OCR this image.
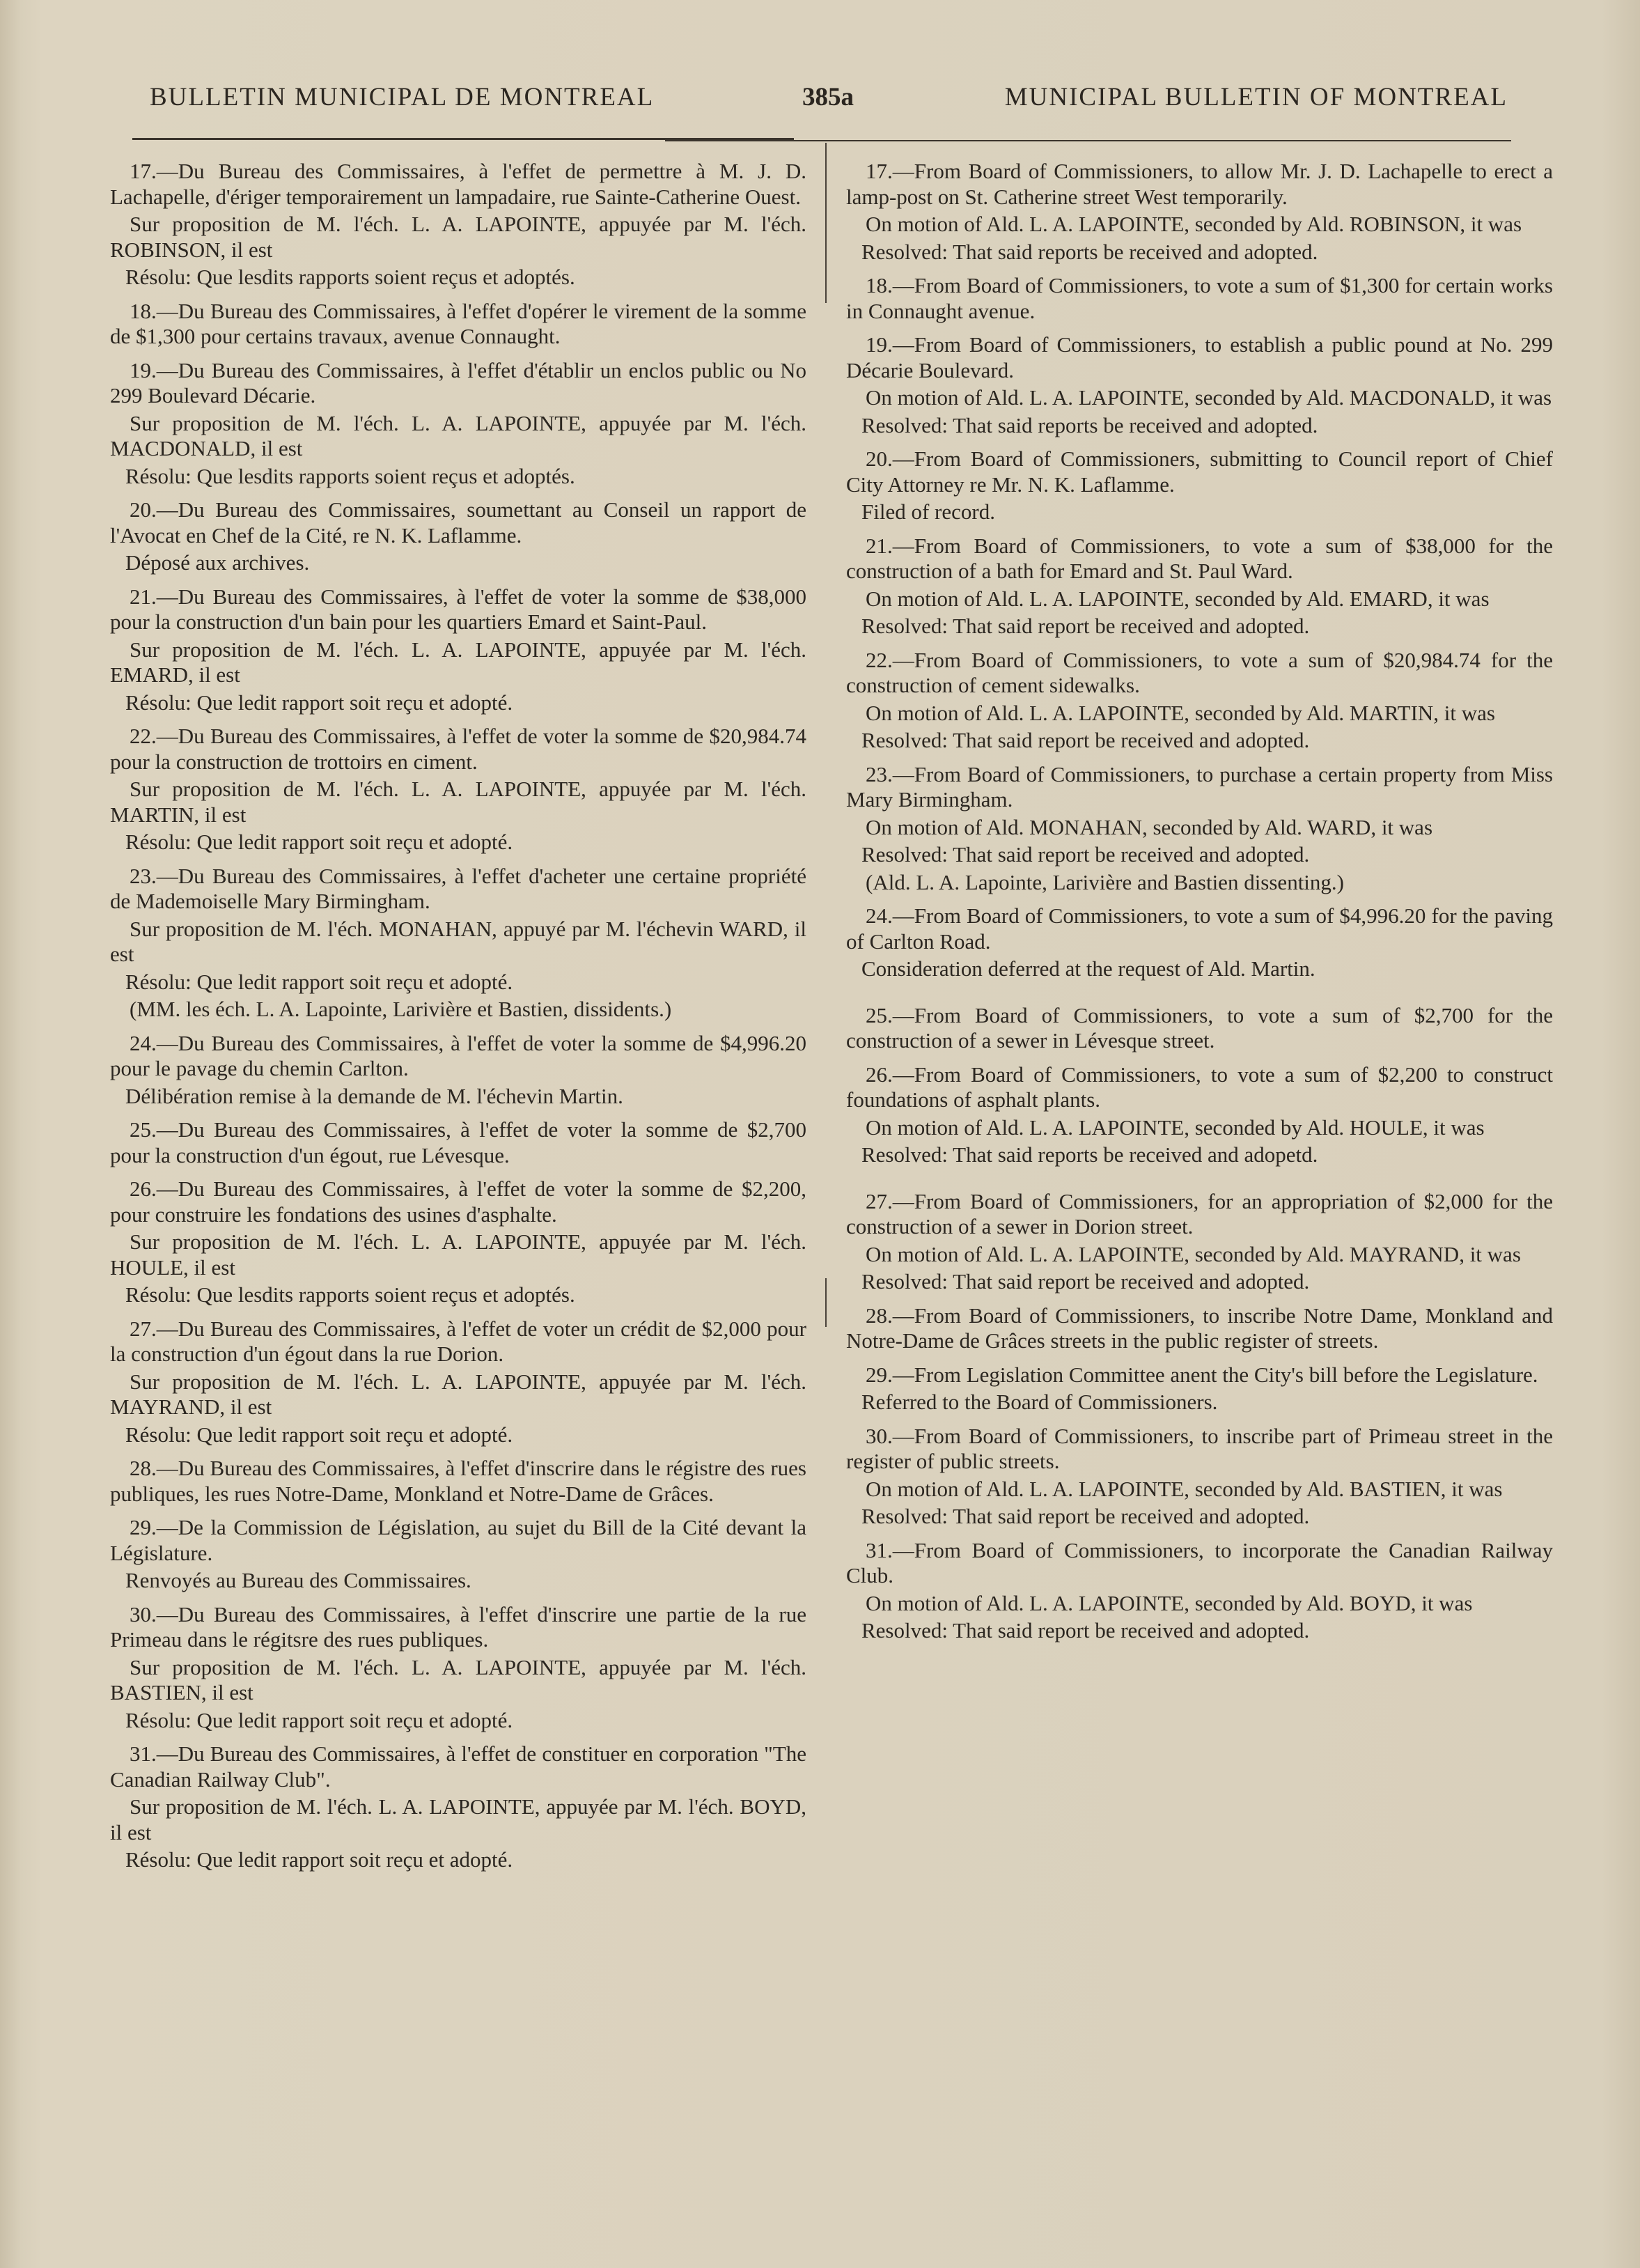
BULLETIN MUNICIPAL DE MONTREAL	385a	MUNICIPAL BULLETIN OF MONTREAL

17.—Du Bureau des Commissaires, à l'effet de permettre à M. J. D. Lachapelle, d'ériger temporairement un lampadaire, rue Sainte-Catherine Ouest.

Sur proposition de M. l'éch. L. A. LAPOINTE, appuyée par M. l'éch. ROBINSON, il est

Résolu: Que lesdits rapports soient reçus et adoptés.

18.—Du Bureau des Commissaires, à l'effet d'opérer le virement de la somme de $1,300 pour certains travaux, avenue Connaught.

19.—Du Bureau des Commissaires, à l'effet d'établir un enclos public ou No 299 Boulevard Décarie.

Sur proposition de M. l'éch. L. A. LAPOINTE, appuyée par M. l'éch. MACDONALD, il est

Résolu: Que lesdits rapports soient reçus et adoptés.

20.—Du Bureau des Commissaires, soumettant au Conseil un rapport de l'Avocat en Chef de la Cité, re N. K. Laflamme.

Déposé aux archives.

21.—Du Bureau des Commissaires, à l'effet de voter la somme de $38,000 pour la construction d'un bain pour les quartiers Emard et Saint-Paul.

Sur proposition de M. l'éch. L. A. LAPOINTE, appuyée par M. l'éch. EMARD, il est

Résolu: Que ledit rapport soit reçu et adopté.

22.—Du Bureau des Commissaires, à l'effet de voter la somme de $20,984.74 pour la construction de trottoirs en ciment.

Sur proposition de M. l'éch. L. A. LAPOINTE, appuyée par M. l'éch. MARTIN, il est

Résolu: Que ledit rapport soit reçu et adopté.

23.—Du Bureau des Commissaires, à l'effet d'acheter une certaine propriété de Mademoiselle Mary Birmingham.

Sur proposition de M. l'éch. MONAHAN, appuyé par M. l'échevin WARD, il est

Résolu: Que ledit rapport soit reçu et adopté.

(MM. les éch. L. A. Lapointe, Larivière et Bastien, dissidents.)

24.—Du Bureau des Commissaires, à l'effet de voter la somme de $4,996.20 pour le pavage du chemin Carlton.

Délibération remise à la demande de M. l'échevin Martin.

25.—Du Bureau des Commissaires, à l'effet de voter la somme de $2,700 pour la construction d'un égout, rue Lévesque.

26.—Du Bureau des Commissaires, à l'effet de voter la somme de $2,200, pour construire les fondations des usines d'asphalte.

Sur proposition de M. l'éch. L. A. LAPOINTE, appuyée par M. l'éch. HOULE, il est

Résolu: Que lesdits rapports soient reçus et adoptés.

27.—Du Bureau des Commissaires, à l'effet de voter un crédit de $2,000 pour la construction d'un égout dans la rue Dorion.

Sur proposition de M. l'éch. L. A. LAPOINTE, appuyée par M. l'éch. MAYRAND, il est

Résolu: Que ledit rapport soit reçu et adopté.

28.—Du Bureau des Commissaires, à l'effet d'inscrire dans le régistre des rues publiques, les rues Notre-Dame, Monkland et Notre-Dame de Grâces.

29.—De la Commission de Législation, au sujet du Bill de la Cité devant la Législature.

Renvoyés au Bureau des Commissaires.

30.—Du Bureau des Commissaires, à l'effet d'inscrire une partie de la rue Primeau dans le régitsre des rues publiques.

Sur proposition de M. l'éch. L. A. LAPOINTE, appuyée par M. l'éch. BASTIEN, il est

Résolu: Que ledit rapport soit reçu et adopté.

31.—Du Bureau des Commissaires, à l'effet de constituer en corporation "The Canadian Railway Club".

Sur proposition de M. l'éch. L. A. LAPOINTE, appuyée par M. l'éch. BOYD, il est

Résolu: Que ledit rapport soit reçu et adopté.

17.—From Board of Commissioners, to allow Mr. J. D. Lachapelle to erect a lamp-post on St. Catherine street West temporarily.

On motion of Ald. L. A. LAPOINTE, seconded by Ald. ROBINSON, it was

Resolved: That said reports be received and adopted.

18.—From Board of Commissioners, to vote a sum of $1,300 for certain works in Connaught avenue.

19.—From Board of Commissioners, to establish a public pound at No. 299 Décarie Boulevard.

On motion of Ald. L. A. LAPOINTE, seconded by Ald. MACDONALD, it was

Resolved: That said reports be received and adopted.

20.—From Board of Commissioners, submitting to Council report of Chief City Attorney re Mr. N. K. Laflamme.

Filed of record.

21.—From Board of Commissioners, to vote a sum of $38,000 for the construction of a bath for Emard and St. Paul Ward.

On motion of Ald. L. A. LAPOINTE, seconded by Ald. EMARD, it was

Resolved: That said report be received and adopted.

22.—From Board of Commissioners, to vote a sum of $20,984.74 for the construction of cement sidewalks.

On motion of Ald. L. A. LAPOINTE, seconded by Ald. MARTIN, it was

Resolved: That said report be received and adopted.

23.—From Board of Commissioners, to purchase a certain property from Miss Mary Birmingham.

On motion of Ald. MONAHAN, seconded by Ald. WARD, it was

Resolved: That said report be received and adopted.

(Ald. L. A. Lapointe, Larivière and Bastien dissenting.)

24.—From Board of Commissioners, to vote a sum of $4,996.20 for the paving of Carlton Road.

Consideration deferred at the request of Ald. Martin.

25.—From Board of Commissioners, to vote a sum of $2,700 for the construction of a sewer in Lévesque street.

26.—From Board of Commissioners, to vote a sum of $2,200 to construct foundations of asphalt plants.

On motion of Ald. L. A. LAPOINTE, seconded by Ald. HOULE, it was

Resolved: That said reports be received and adopetd.

27.—From Board of Commissioners, for an appropriation of $2,000 for the construction of a sewer in Dorion street.

On motion of Ald. L. A. LAPOINTE, seconded by Ald. MAYRAND, it was

Resolved: That said report be received and adopted.

28.—From Board of Commissioners, to inscribe Notre Dame, Monkland and Notre-Dame de Grâces streets in the public register of streets.

29.—From Legislation Committee anent the City's bill before the Legislature.

Referred to the Board of Commissioners.

30.—From Board of Commissioners, to inscribe part of Primeau street in the register of public streets.

On motion of Ald. L. A. LAPOINTE, seconded by Ald. BASTIEN, it was

Resolved: That said report be received and adopted.

31.—From Board of Commissioners, to incorporate the Canadian Railway Club.

On motion of Ald. L. A. LAPOINTE, seconded by Ald. BOYD, it was

Resolved: That said report be received and adopted.
